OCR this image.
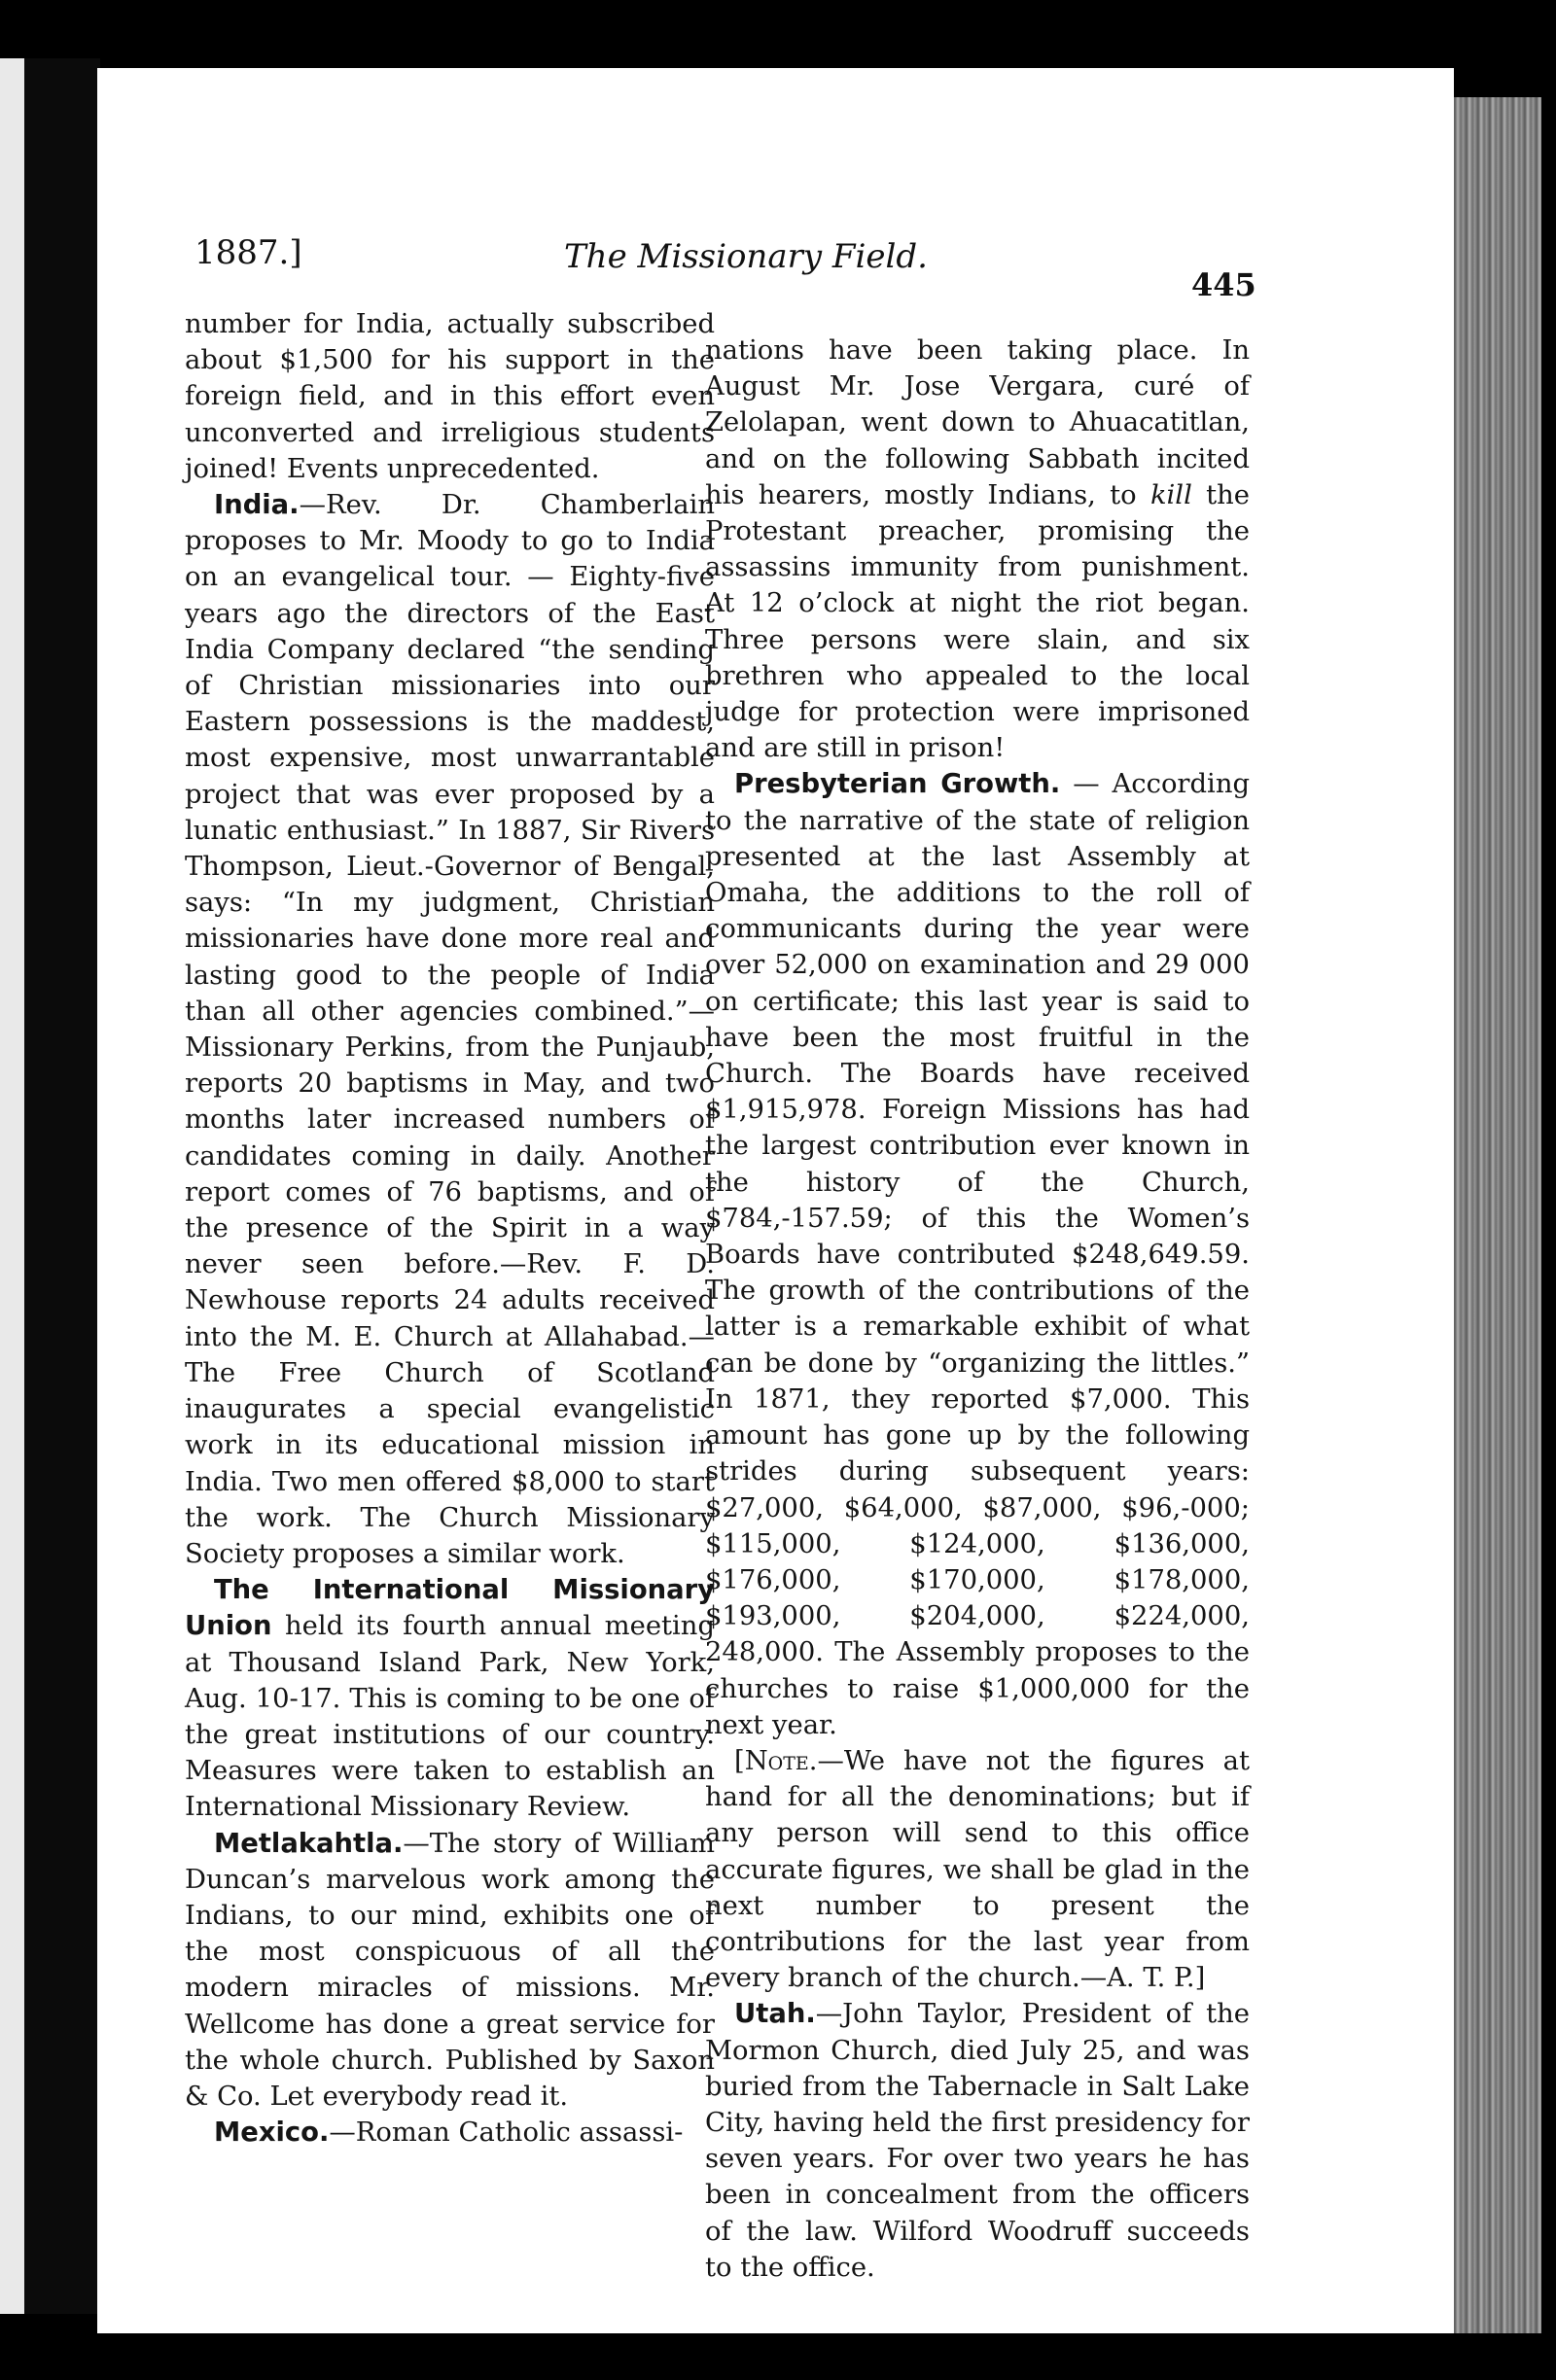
1887.]	The Missionary Field.
445

number for India, actually subscribed about $1,500 for his support in the foreign field, and in this effort even unconverted and irreligious students joined! Events unprecedented.

India.—Rev. Dr. Chamberlain proposes to Mr. Moody to go to India on an evangelical tour. — Eighty-five years ago the directors of the East India Company declared “the sending of Christian missionaries into our Eastern possessions is the maddest, most expensive, most unwarrantable project that was ever proposed by a lunatic enthusiast.” In 1887, Sir Rivers Thompson, Lieut.-Governor of Bengal, says: “In my judgment, Christian missionaries have done more real and lasting good to the people of India than all other agencies combined.”—Missionary Perkins, from the Punjaub, reports 20 baptisms in May, and two months later increased numbers of candidates coming in daily. Another report comes of 76 baptisms, and of the presence of the Spirit in a way never seen before.—Rev. F. D. Newhouse reports 24 adults received into the M. E. Church at Allahabad.—The Free Church of Scotland inaugurates a special evangelistic work in its educational mission in India. Two men offered $8,000 to start the work. The Church Missionary Society proposes a similar work.

The International Missionary Union held its fourth annual meeting at Thousand Island Park, New York, Aug. 10-17. This is coming to be one of the great institutions of our country. Measures were taken to establish an International Missionary Review.

Metlakahtla.—The story of William Duncan’s marvelous work among the Indians, to our mind, exhibits one of the most conspicuous of all the modern miracles of missions. Mr. Wellcome has done a great service for the whole church. Published by Saxon & Co. Let everybody read it.

Mexico.—Roman Catholic assassi-

nations have been taking place. In August Mr. Jose Vergara, curé of Zelolapan, went down to Ahuacatitlan, and on the following Sabbath incited his hearers, mostly Indians, to kill the Protestant preacher, promising the assassins immunity from punishment. At 12 o’clock at night the riot began. Three persons were slain, and six brethren who appealed to the local judge for protection were imprisoned and are still in prison!

Presbyterian Growth. — According to the narrative of the state of religion presented at the last Assembly at Omaha, the additions to the roll of communicants during the year were over 52,000 on examination and 29 000 on certificate; this last year is said to have been the most fruitful in the Church. The Boards have received $1,915,978. Foreign Missions has had the largest contribution ever known in the history of the Church, $784,-157.59; of this the Women’s Boards have contributed $248,649.59. The growth of the contributions of the latter is a remarkable exhibit of what can be done by “organizing the littles.” In 1871, they reported $7,000. This amount has gone up by the following strides during subsequent years: $27,000, $64,000, $87,000, $96,-000; $115,000, $124,000, $136,000, $176,000, $170,000, $178,000, $193,000, $204,000, $224,000, 248,000. The Assembly proposes to the churches to raise $1,000,000 for the next year.

[Note.—We have not the figures at hand for all the denominations; but if any person will send to this office accurate figures, we shall be glad in the next number to present the contributions for the last year from every branch of the church.—A. T. P.]

Utah.—John Taylor, President of the Mormon Church, died July 25, and was buried from the Tabernacle in Salt Lake City, having held the first presidency for seven years. For over two years he has been in concealment from the officers of the law. Wilford Woodruff succeeds to the office.
